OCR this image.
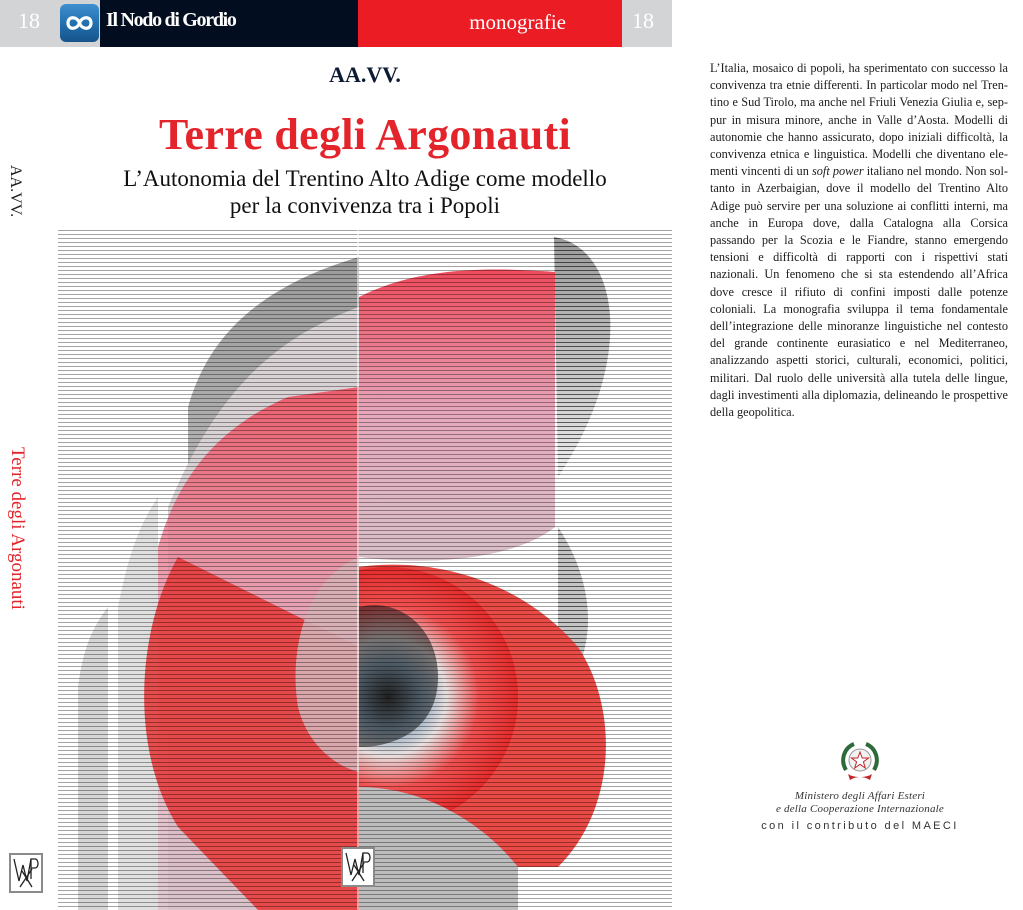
18	Il Nodo di Gordio	monografie	18
AA.VV.
Terre degli Argonauti
AA.VV.
Terre degli Argonauti
L’Autonomia del Trentino Alto Adige come modello
per la convivenza tra i Popoli

L’Italia, mosaico di popoli, ha sperimentato con successo la convivenza tra etnie differenti. In particolar modo nel Trentino e Sud Tirolo, ma anche nel Friuli Venezia Giulia e, seppur in misura minore, anche in Valle d’Aosta. Modelli di autonomie che hanno assicurato, dopo iniziali difficoltà, la convivenza etnica e linguistica. Modelli che diventano elementi vincenti di un soft power italiano nel mondo. Non soltanto in Azerbaigian, dove il modello del Trentino Alto Adige può servire per una soluzione ai conflitti interni, ma anche in Europa dove, dalla Catalogna alla Corsica passando per la Scozia e le Fiandre, stanno emergendo tensioni e difficoltà di rapporti con i rispettivi stati nazionali. Un fenomeno che si sta estendendo all’Africa dove cresce il rifiuto di confini imposti dalle potenze coloniali. La monografia sviluppa il tema fondamentale dell’integrazione delle minoranze linguistiche nel contesto del grande continente eurasiatico e nel Mediterraneo, analizzando aspetti storici, culturali, economici, politici, militari. Dal ruolo delle università alla tutela delle lingue, dagli investimenti alla diplomazia, delineando le prospettive della geopolitica.

Ministero degli Affari Esteri
e della Cooperazione Internazionale
con il contributo del MAECI
